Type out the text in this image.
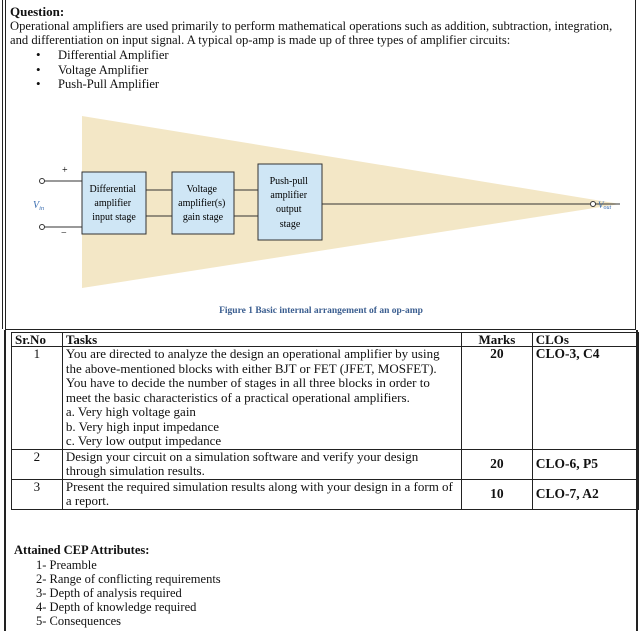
Question:
Operational amplifiers are used primarily to perform mathematical operations such as addition, subtraction, integration, and differentiation on input signal. A typical op-amp is made up of three types of amplifier circuits:
• Differential Amplifier
• Voltage Amplifier
• Push-Pull Amplifier
+
−
$V_{in}$
Differential amplifier input stage
Voltage amplifier(s) gain stage
Push-pull amplifier output stage
Vout
Figure 1 Basic internal arrangement of an op-amp
Sr.No	Tasks	Marks	CLOs
1	You are directed to analyze the design an operational amplifier by using the above-mentioned blocks with either BJT or FET (JFET, MOSFET). You have to decide the number of stages in all three blocks in order to meet the basic characteristics of a practical operational amplifiers.
a. Very high voltage gain
b. Very high input impedance
c. Very low output impedance	20	CLO-3, C4
2	Design your circuit on a simulation software and verify your design through simulation results.	20	CLO-6, P5
3	Present the required simulation results along with your design in a form of a report.	10	CLO-7, A2
Attained CEP Attributes:
1- Preamble
2- Range of conflicting requirements
3- Depth of analysis required
4- Depth of knowledge required
5- Consequences
